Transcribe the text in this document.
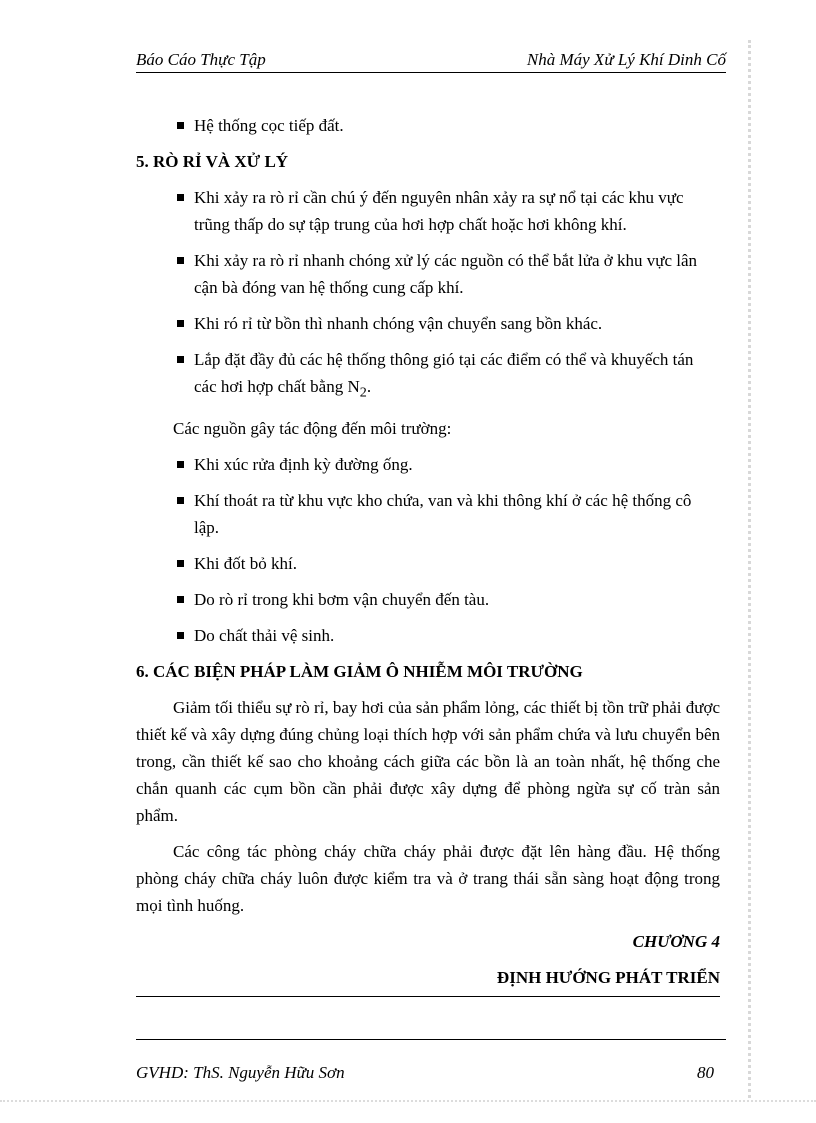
Báo Cáo Thực Tập	Nhà Máy Xử Lý Khí Dinh Cố
Hệ thống cọc tiếp đất.
5. RÒ RỈ VÀ XỬ LÝ
Khi xảy ra rò rỉ cần chú ý đến nguyên nhân xảy ra sự nổ tại các khu vực trũng thấp do sự tập trung của hơi hợp chất hoặc hơi không khí.
Khi xảy ra rò rỉ nhanh chóng xử lý các nguồn có thể bắt lửa ở khu vực lân cận bà đóng van hệ thống cung cấp khí.
Khi ró rỉ từ bồn thì nhanh chóng vận chuyển sang bồn khác.
Lắp đặt đầy đủ các hệ thống thông gió tại các điểm có thể và khuyếch tán các hơi hợp chất bằng $N_2$.
Các nguồn gây tác động đến môi trường:
Khi xúc rửa định kỳ đường ống.
Khí thoát ra từ khu vực kho chứa, van và khi thông khí ở các hệ thống cô lập.
Khi đốt bỏ khí.
Do rò rỉ trong khi bơm vận chuyển đến tàu.
Do chất thải vệ sinh.
6. CÁC BIỆN PHÁP LÀM GIẢM Ô NHIỄM MÔI TRƯỜNG

Giảm tối thiểu sự rò rỉ, bay hơi của sản phẩm lỏng, các thiết bị tồn trữ phải được thiết kế và xây dựng đúng chủng loại thích hợp với sản phẩm chứa và lưu chuyển bên trong, cần thiết kế sao cho khoảng cách giữa các bồn là an toàn nhất, hệ thống che chắn quanh các cụm bồn cần phải được xây dựng để phòng ngừa sự cố tràn sản phẩm.

Các công tác phòng cháy chữa cháy phải được đặt lên hàng đầu. Hệ thống phòng cháy chữa cháy luôn được kiểm tra và ở trang thái sẵn sàng hoạt động trong mọi tình huống.

CHƯƠNG 4
ĐỊNH HƯỚNG PHÁT TRIỂN
GVHD: ThS. Nguyễn Hữu Sơn	80
